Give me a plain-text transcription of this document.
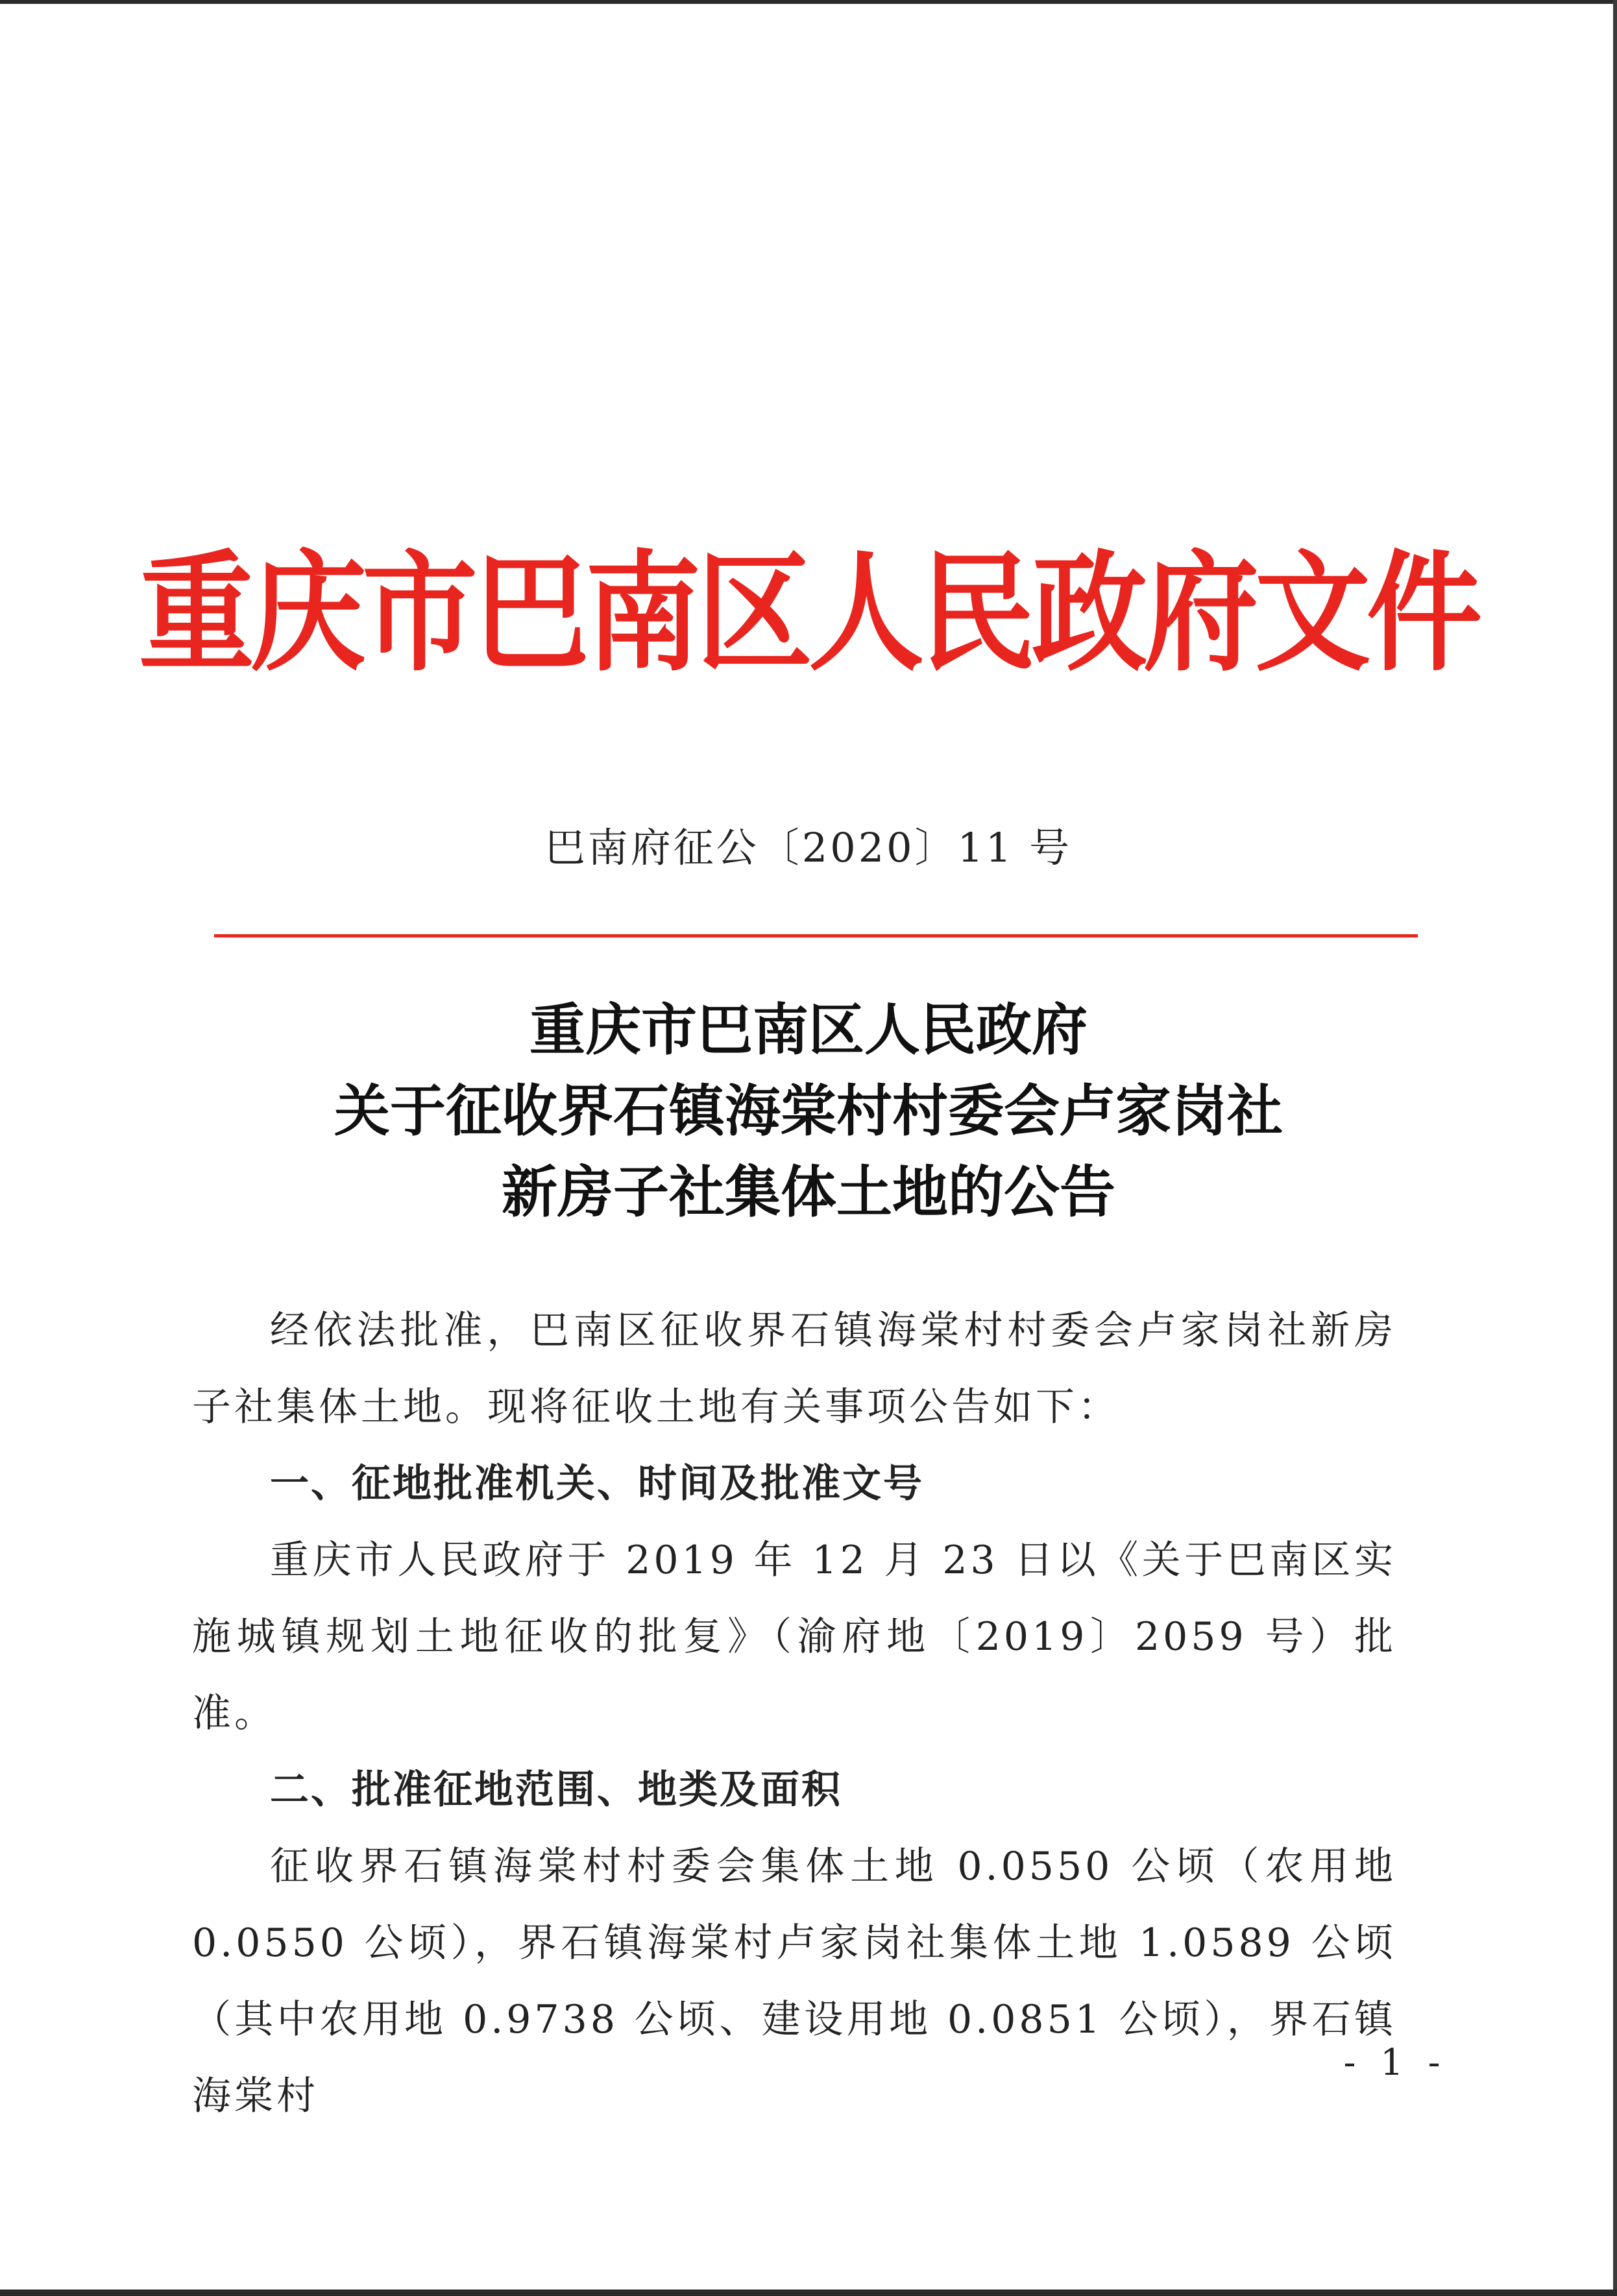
重庆市巴南区人民政府文件
巴南府征公〔2020〕11 号
重庆市巴南区人民政府
关于征收界石镇海棠村村委会卢家岗社
新房子社集体土地的公告

经依法批准，巴南区征收界石镇海棠村村委会卢家岗社新房子社集体土地。现将征收土地有关事项公告如下：

一、征地批准机关、时间及批准文号

重庆市人民政府于 2019 年 12 月 23 日以《关于巴南区实施城镇规划土地征收的批复》（渝府地〔2019〕2059 号）批准。

二、批准征地范围、地类及面积

征收界石镇海棠村村委会集体土地 0.0550 公顷（农用地 0.0550 公顷），界石镇海棠村卢家岗社集体土地 1.0589 公顷（其中农用地 0.9738 公顷、建设用地 0.0851 公顷），界石镇海棠村

- 1 -
